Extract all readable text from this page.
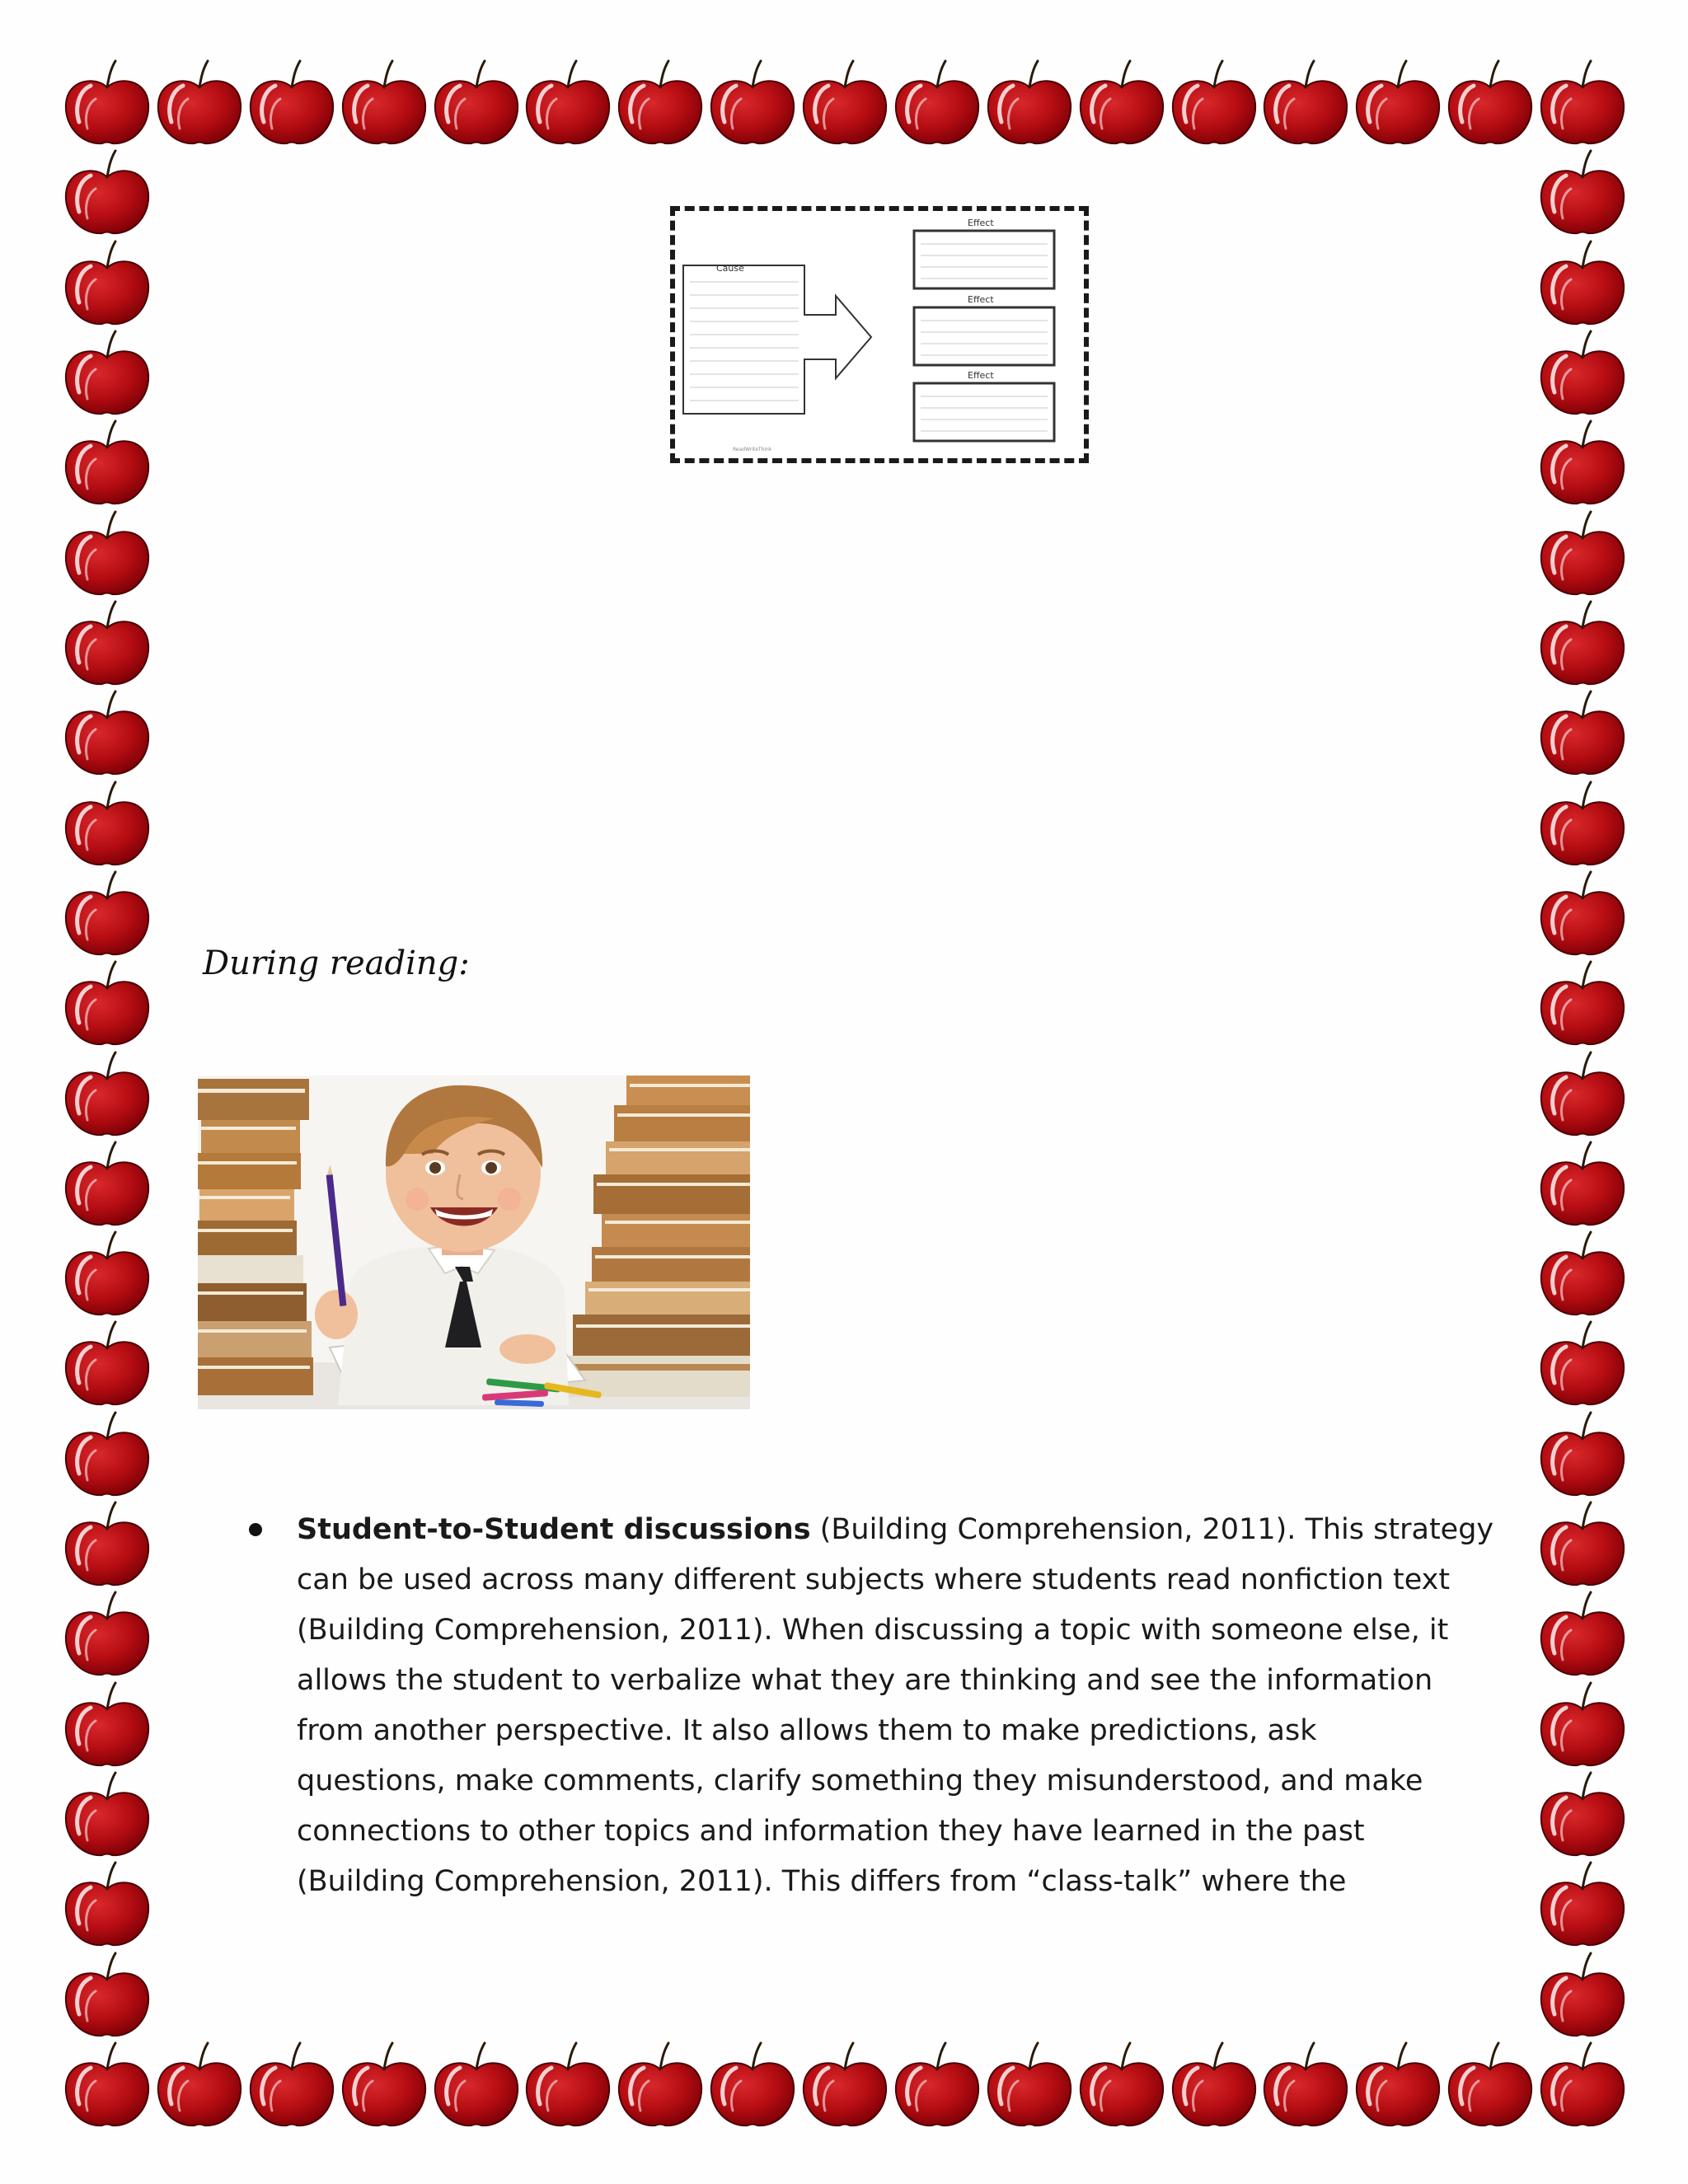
Cause
Effect
Effect
Effect
ReadWriteThink
During reading:
Student-to-Student discussions (Building Comprehension, 2011). This strategy
can be used across many different subjects where students read nonfiction text
(Building Comprehension, 2011). When discussing a topic with someone else, it
allows the student to verbalize what they are thinking and see the information
from another perspective. It also allows them to make predictions, ask
questions, make comments, clarify something they misunderstood, and make
connections to other topics and information they have learned in the past
(Building Comprehension, 2011). This differs from “class-talk” where the
